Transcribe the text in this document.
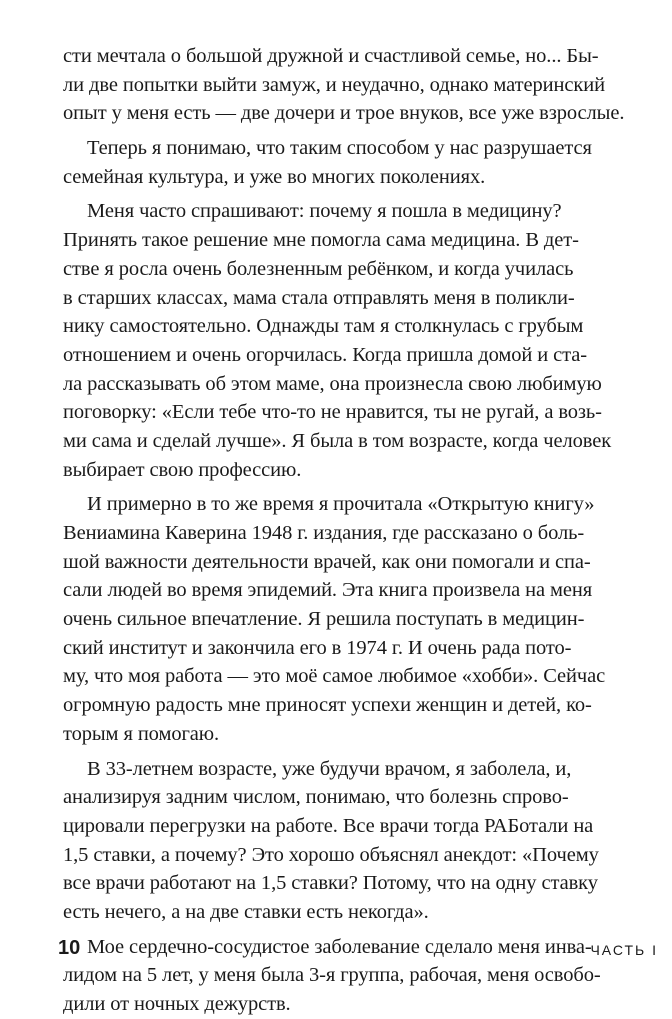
сти мечтала о большой дружной и счастливой семье, но... Бы-
ли две попытки выйти замуж, и неудачно, однако материнский
опыт у меня есть — две дочери и трое внуков, все уже взрослые.
Теперь я понимаю, что таким способом у нас разрушается
семейная культура, и уже во многих поколениях.
Меня часто спрашивают: почему я пошла в медицину?
Принять такое решение мне помогла сама медицина. В дет-
стве я росла очень болезненным ребёнком, и когда училась
в старших классах, мама стала отправлять меня в поликли-
нику самостоятельно. Однажды там я столкнулась с грубым
отношением и очень огорчилась. Когда пришла домой и ста-
ла рассказывать об этом маме, она произнесла свою любимую
поговорку: «Если тебе что-то не нравится, ты не ругай, а возь-
ми сама и сделай лучше». Я была в том возрасте, когда человек
выбирает свою профессию.
И примерно в то же время я прочитала «Открытую книгу»
Вениамина Каверина 1948 г. издания, где рассказано о боль-
шой важности деятельности врачей, как они помогали и спа-
сали людей во время эпидемий. Эта книга произвела на меня
очень сильное впечатление. Я решила поступать в медицин-
ский институт и закончила его в 1974 г. И очень рада пото-
му, что моя работа — это моё самое любимое «хобби». Сейчас
огромную радость мне приносят успехи женщин и детей, ко-
торым я помогаю.
В 33-летнем возрасте, уже будучи врачом, я заболела, и,
анализируя задним числом, понимаю, что болезнь спрово-
цировали перегрузки на работе. Все врачи тогда РАБотали на
1,5 ставки, а почему? Это хорошо объяснял анекдот: «Почему
все врачи работают на 1,5 ставки? Потому, что на одну ставку
есть нечего, а на две ставки есть некогда».
Мое сердечно-сосудистое заболевание сделало меня инва-
лидом на 5 лет, у меня была 3-я группа, рабочая, меня освобо-
дили от ночных дежурств.
10	ЧАСТЬ I
